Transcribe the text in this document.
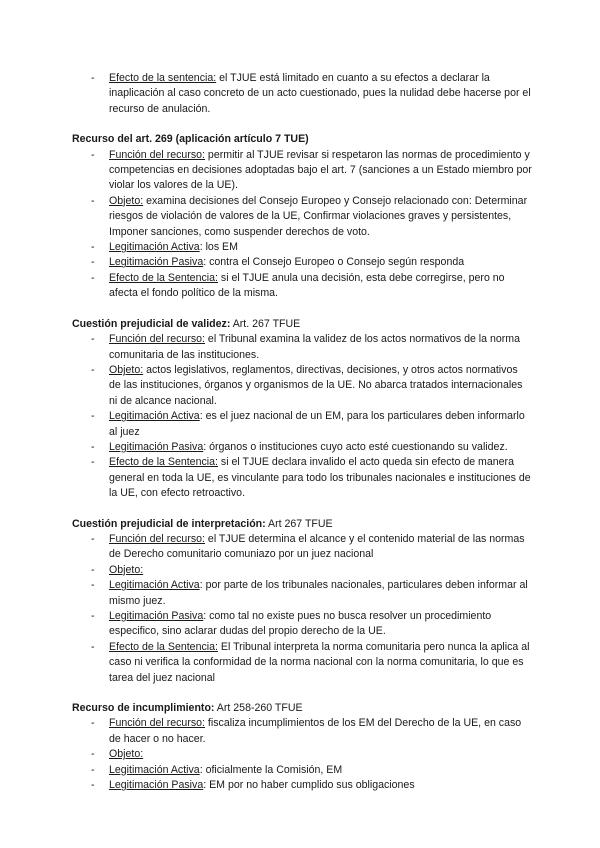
- Efecto de la sentencia: el TJUE está limitado en cuanto a su efectos a declarar la inaplicación al caso concreto de un acto cuestionado, pues la nulidad debe hacerse por el recurso de anulación.

Recurso del art. 269 (aplicación artículo 7 TUE)

- Función del recurso: permitir al TJUE revisar si respetaron las normas de procedimiento y competencias en decisiones adoptadas bajo el art. 7 (sanciones a un Estado miembro por violar los valores de la UE).
- Objeto: examina decisiones del Consejo Europeo y Consejo relacionado con: Determinar riesgos de violación de valores de la UE, Confirmar violaciones graves y persistentes, Imponer sanciones, como suspender derechos de voto.
- Legitimación Activa: los EM
- Legitimación Pasiva: contra el Consejo Europeo o Consejo según responda
- Efecto de la Sentencia: si el TJUE anula una decisión, esta debe corregirse, pero no afecta el fondo político de la misma.

Cuestión prejudicial de validez: Art. 267 TFUE

- Función del recurso: el Tribunal examina la validez de los actos normativos de la norma comunitaria de las instituciones.
- Objeto: actos legislativos, reglamentos, directivas, decisiones, y otros actos normativos de las instituciones, órganos y organismos de la UE. No abarca tratados internacionales ni de alcance nacional.
- Legitimación Activa: es el juez nacional de un EM, para los particulares deben informarlo al juez
- Legitimación Pasiva: órganos o instituciones cuyo acto esté cuestionando su validez.
- Efecto de la Sentencia: si el TJUE declara invalido el acto queda sin efecto de manera general en toda la UE, es vinculante para todo los tribunales nacionales e instituciones de la UE, con efecto retroactivo.

Cuestión prejudicial de interpretación: Art 267 TFUE

- Función del recurso: el TJUE determina el alcance y el contenido material de las normas de Derecho comunitario comuniazo por un juez nacional
- Objeto:
- Legitimación Activa: por parte de los tribunales nacionales, particulares deben informar al mismo juez.
- Legitimación Pasiva: como tal no existe pues no busca resolver un procedimiento especifico, sino aclarar dudas del propio derecho de la UE.
- Efecto de la Sentencia: El Tribunal interpreta la norma comunitaria pero nunca la aplica al caso ni verifica la conformidad de la norma nacional con la norma comunitaria, lo que es tarea del juez nacional

Recurso de incumplimiento: Art 258-260 TFUE

- Función del recurso: fiscaliza incumplimientos de los EM del Derecho de la UE, en caso de hacer o no hacer.
- Objeto:
- Legitimación Activa: oficialmente la Comisión, EM
- Legitimación Pasiva: EM por no haber cumplido sus obligaciones
